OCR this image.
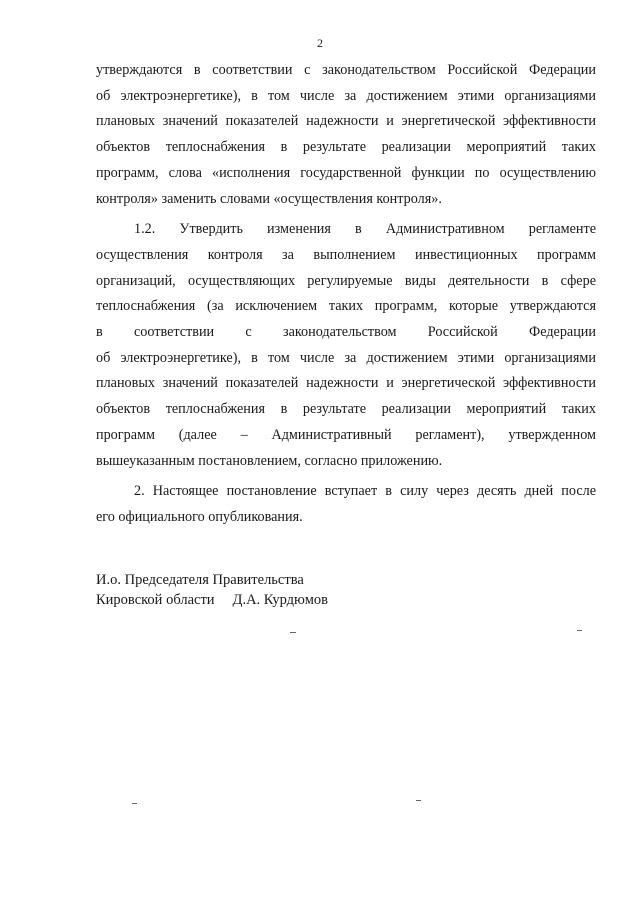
2

утверждаются в соответствии с законодательством Российской Федерации

об электроэнергетике), в том числе за достижением этими организациями

плановых значений показателей надежности и энергетической эффективности

объектов теплоснабжения в результате реализации мероприятий таких

программ, слова «исполнения государственной функции по осуществлению

контроля» заменить словами «осуществления контроля».

1.2. Утвердить изменения в Административном регламенте

осуществления контроля за выполнением инвестиционных программ

организаций, осуществляющих регулируемые виды деятельности в сфере

теплоснабжения (за исключением таких программ, которые утверждаются

в соответствии с законодательством Российской Федерации

об электроэнергетике), в том числе за достижением этими организациями

плановых значений показателей надежности и энергетической эффективности

объектов теплоснабжения в результате реализации мероприятий таких

программ (далее – Административный регламент), утвержденном

вышеуказанным постановлением, согласно приложению.

2. Настоящее постановление вступает в силу через десять дней после

его официального опубликования.

И.о. Председателя Правительства
Кировской области Д.А. Курдюмов
